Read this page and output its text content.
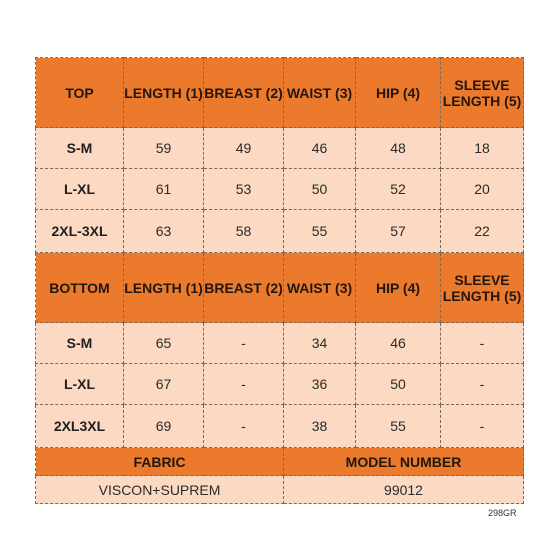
TOP	LENGTH (1)	BREAST (2)	WAIST (3)	HIP (4)	SLEEVE LENGTH (5)
S-M	59	49	46	48	18
L-XL	61	53	50	52	20
2XL-3XL	63	58	55	57	22
BOTTOM	LENGTH (1)	BREAST (2)	WAIST (3)	HIP (4)	SLEEVE LENGTH (5)
S-M	65	-	34	46	-
L-XL	67	-	36	50	-
2XL3XL	69	-	38	55	-
FABRIC			MODEL NUMBER		
VISCON+SUPREM			99012		
298GR
